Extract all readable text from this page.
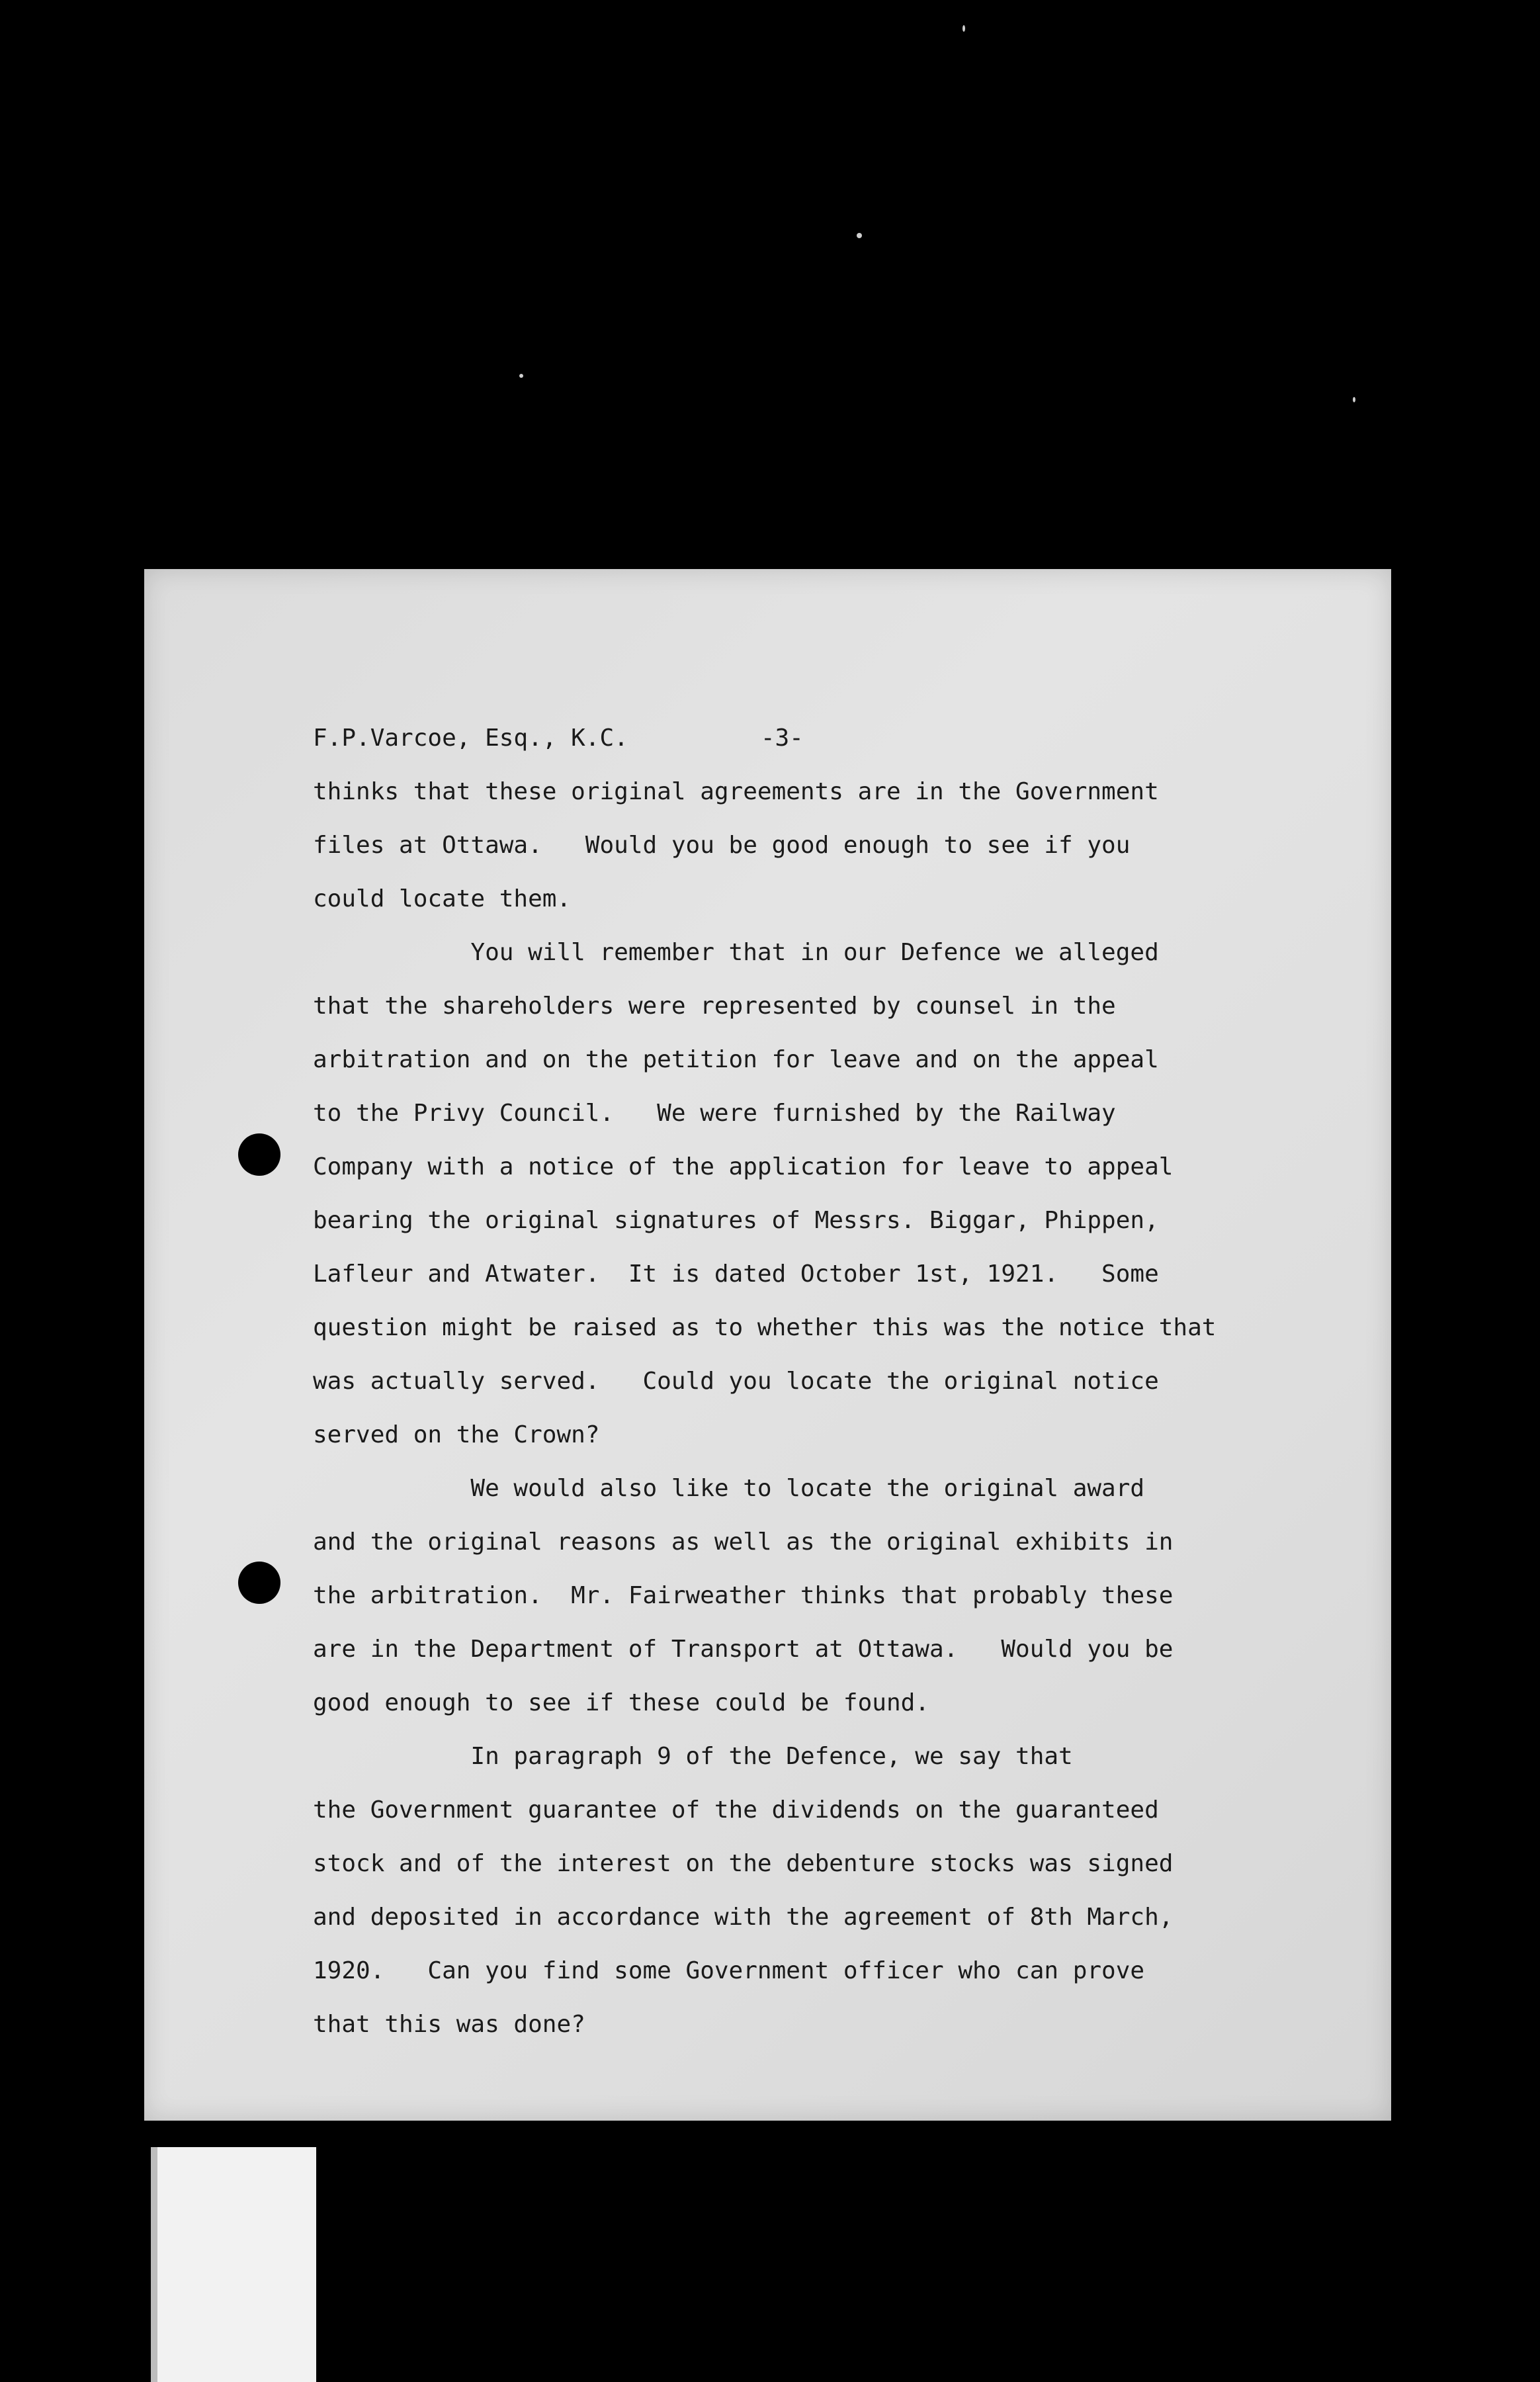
F.P.Varcoe, Esq., K.C.	-3-
thinks that these original agreements are in the Government
files at Ottawa.   Would you be good enough to see if you
could locate them.
You will remember that in our Defence we alleged
that the shareholders were represented by counsel in the
arbitration and on the petition for leave and on the appeal
to the Privy Council.   We were furnished by the Railway
Company with a notice of the application for leave to appeal
bearing the original signatures of Messrs. Biggar, Phippen,
Lafleur and Atwater.  It is dated October 1st, 1921.   Some
question might be raised as to whether this was the notice that
was actually served.   Could you locate the original notice
served on the Crown?
We would also like to locate the original award
and the original reasons as well as the original exhibits in
the arbitration.  Mr. Fairweather thinks that probably these
are in the Department of Transport at Ottawa.   Would you be
good enough to see if these could be found.
In paragraph 9 of the Defence, we say that
the Government guarantee of the dividends on the guaranteed
stock and of the interest on the debenture stocks was signed
and deposited in accordance with the agreement of 8th March,
1920.   Can you find some Government officer who can prove
that this was done?
